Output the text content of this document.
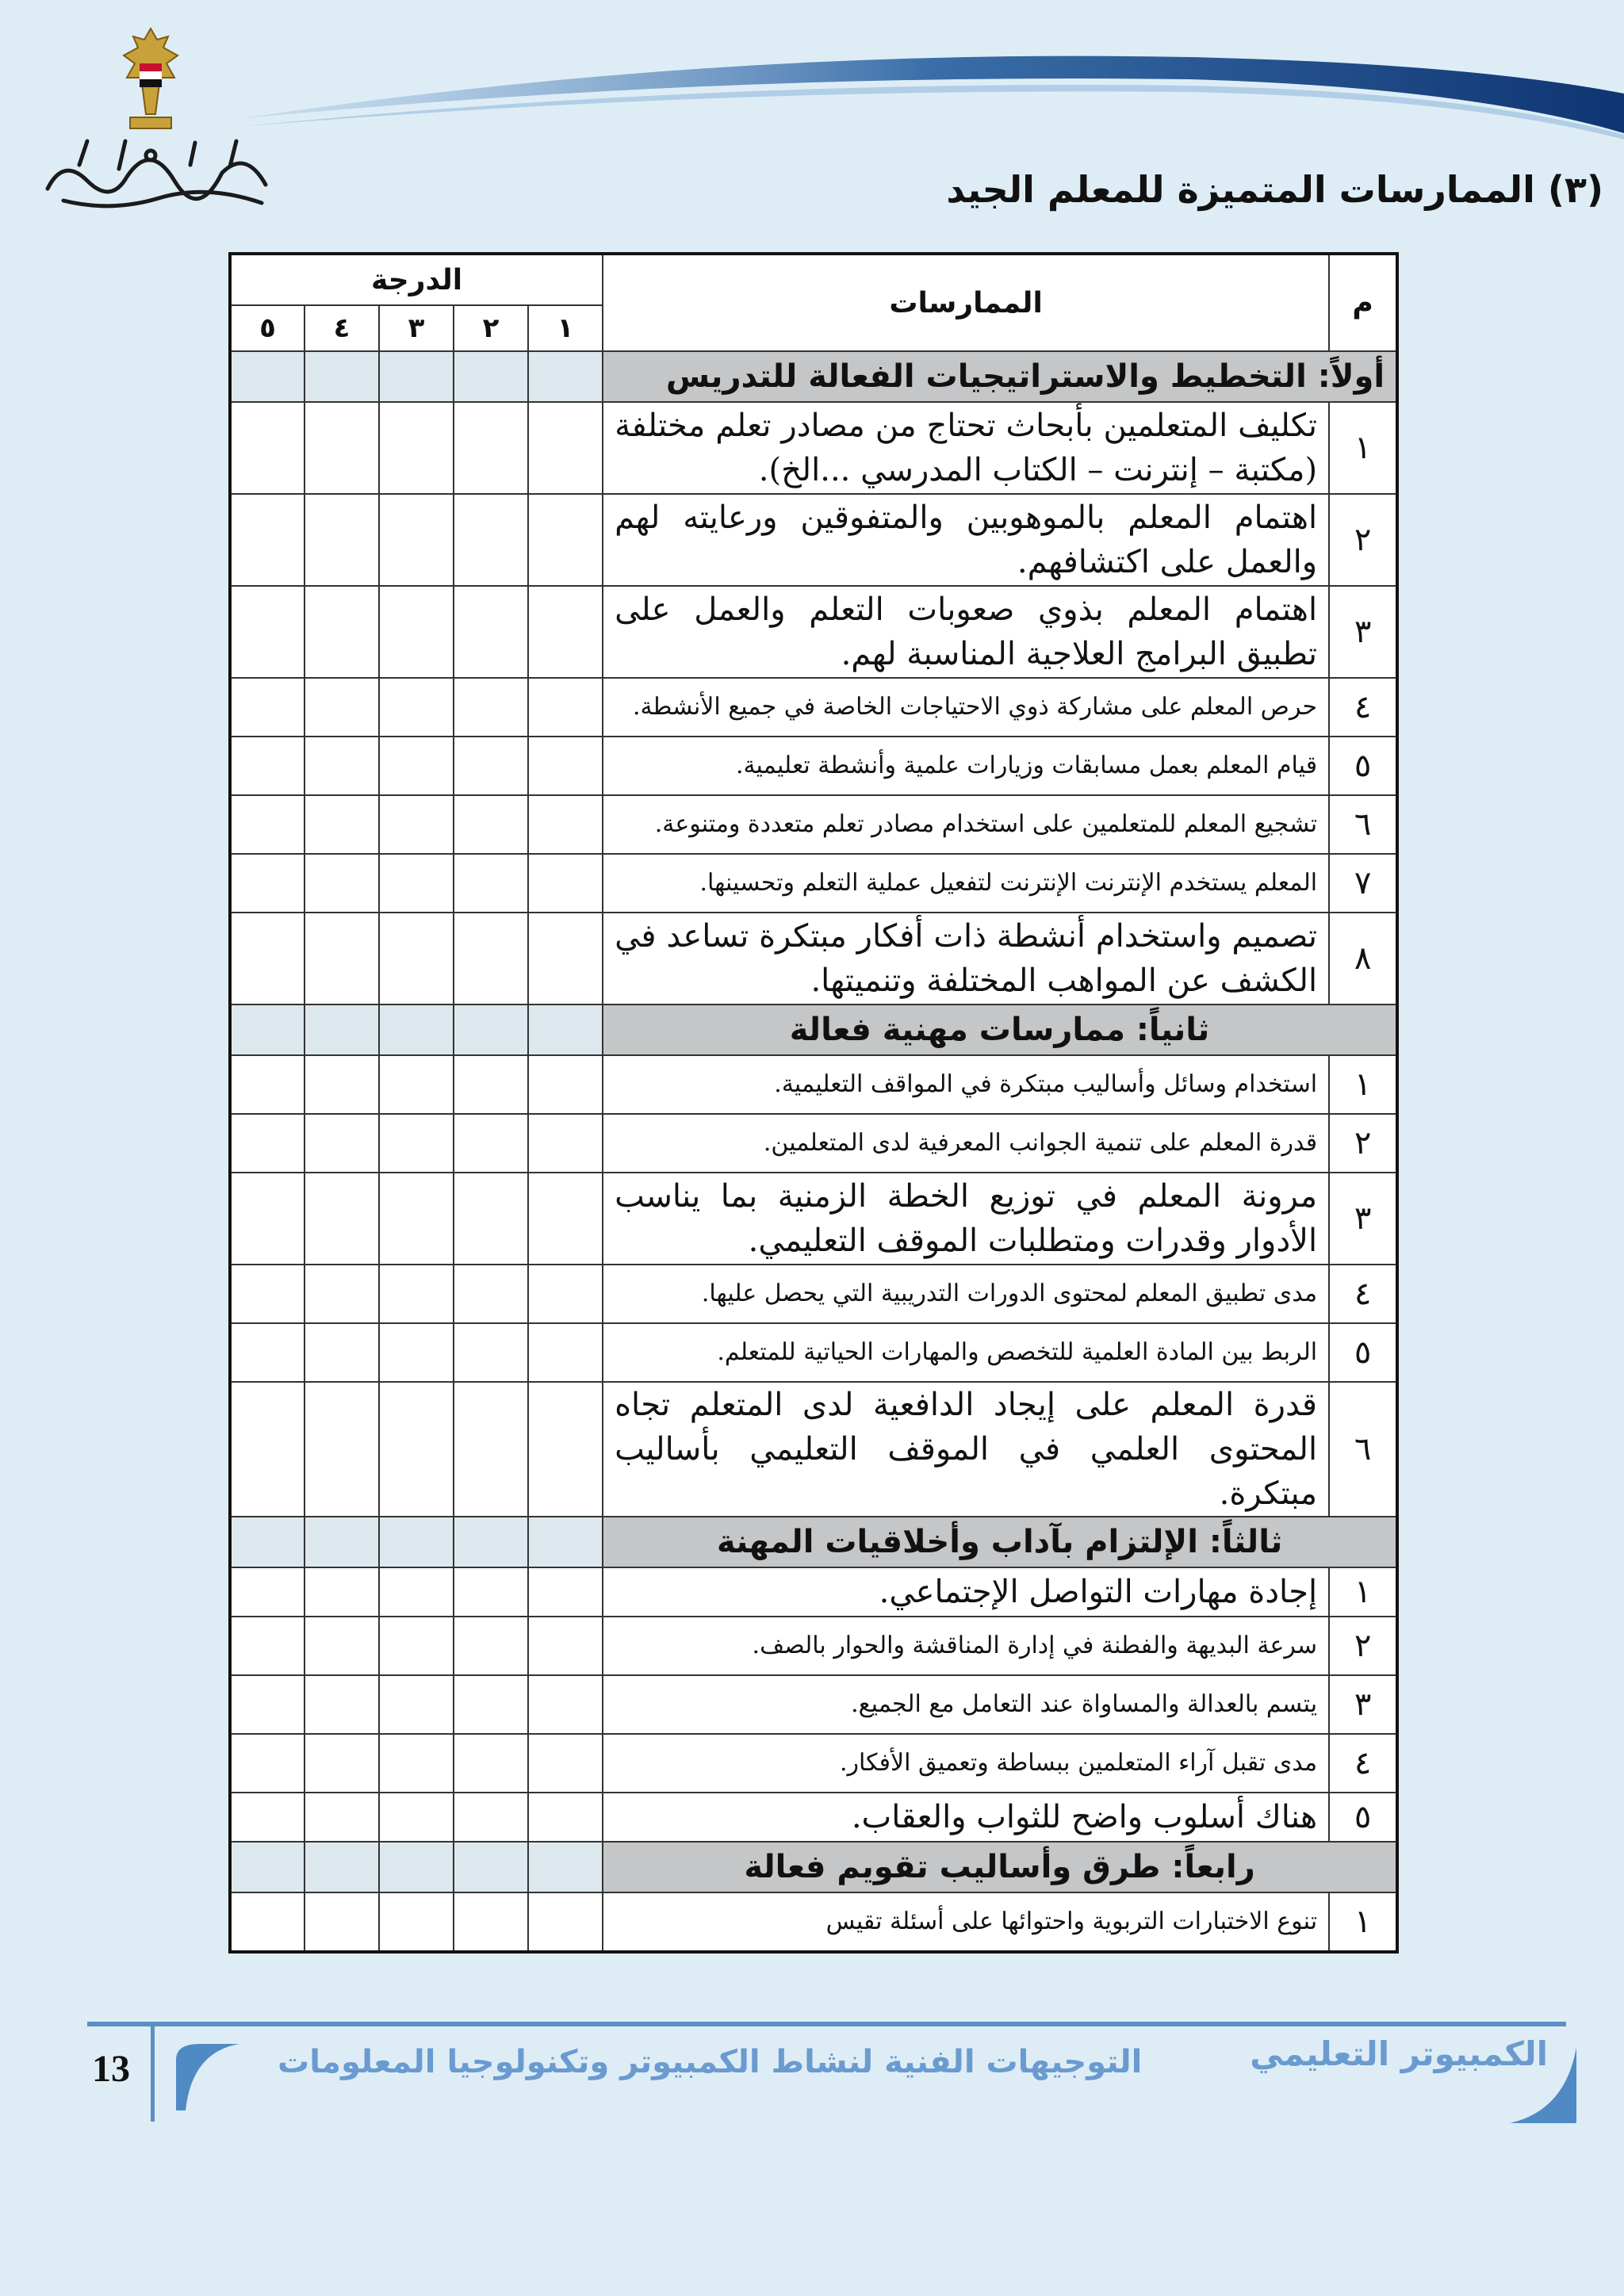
(٣) الممارسات المتميزة للمعلم الجيد
م	الممارسات	الدرجة				
		١	٢	٣	٤	٥
أولاً: التخطيط والاستراتيجيات الفعالة للتدريس						
١	تكليف المتعلمين بأبحاث تحتاج من مصادر تعلم مختلفة (مكتبة – إنترنت – الكتاب المدرسي ...الخ).					
٢	اهتمام المعلم بالموهوبين والمتفوقين ورعايته لهم والعمل على اكتشافهم.					
٣	اهتمام المعلم بذوي صعوبات التعلم والعمل على تطبيق البرامج العلاجية المناسبة لهم.					
٤	حرص المعلم على مشاركة ذوي الاحتياجات الخاصة في جميع الأنشطة.					
٥	قيام المعلم بعمل مسابقات وزيارات علمية وأنشطة تعليمية.					
٦	تشجيع المعلم للمتعلمين على استخدام مصادر تعلم متعددة ومتنوعة.					
٧	المعلم يستخدم الإنترنت الإنترنت لتفعيل عملية التعلم وتحسينها.					
٨	تصميم واستخدام أنشطة ذات أفكار مبتكرة تساعد في الكشف عن المواهب المختلفة وتنميتها.					
ثانياً: ممارسات مهنية فعالة						
١	استخدام وسائل وأساليب مبتكرة في المواقف التعليمية.					
٢	قدرة المعلم على تنمية الجوانب المعرفية لدى المتعلمين.					
٣	مرونة المعلم في توزيع الخطة الزمنية بما يناسب الأدوار وقدرات ومتطلبات الموقف التعليمي.					
٤	مدى تطبيق المعلم لمحتوى الدورات التدريبية التي يحصل عليها.					
٥	الربط بين المادة العلمية للتخصص والمهارات الحياتية للمتعلم.					
٦	قدرة المعلم على إيجاد الدافعية لدى المتعلم تجاه المحتوى العلمي في الموقف التعليمي بأساليب مبتكرة.					
ثالثاً: الإلتزام بآداب وأخلاقيات المهنة						
١	إجادة مهارات التواصل الإجتماعي.					
٢	سرعة البديهة والفطنة في إدارة المناقشة والحوار بالصف.					
٣	يتسم بالعدالة والمساواة عند التعامل مع الجميع.					
٤	مدى تقبل آراء المتعلمين ببساطة وتعميق الأفكار.					
٥	هناك أسلوب واضح للثواب والعقاب.					
رابعاً: طرق وأساليب تقويم فعالة						
١	تنوع الاختبارات التربوية واحتوائها على أسئلة تقيس					
13	التوجيهات الفنية لنشاط الكمبيوتر وتكنولوجيا المعلومات	الكمبيوتر التعليمي
